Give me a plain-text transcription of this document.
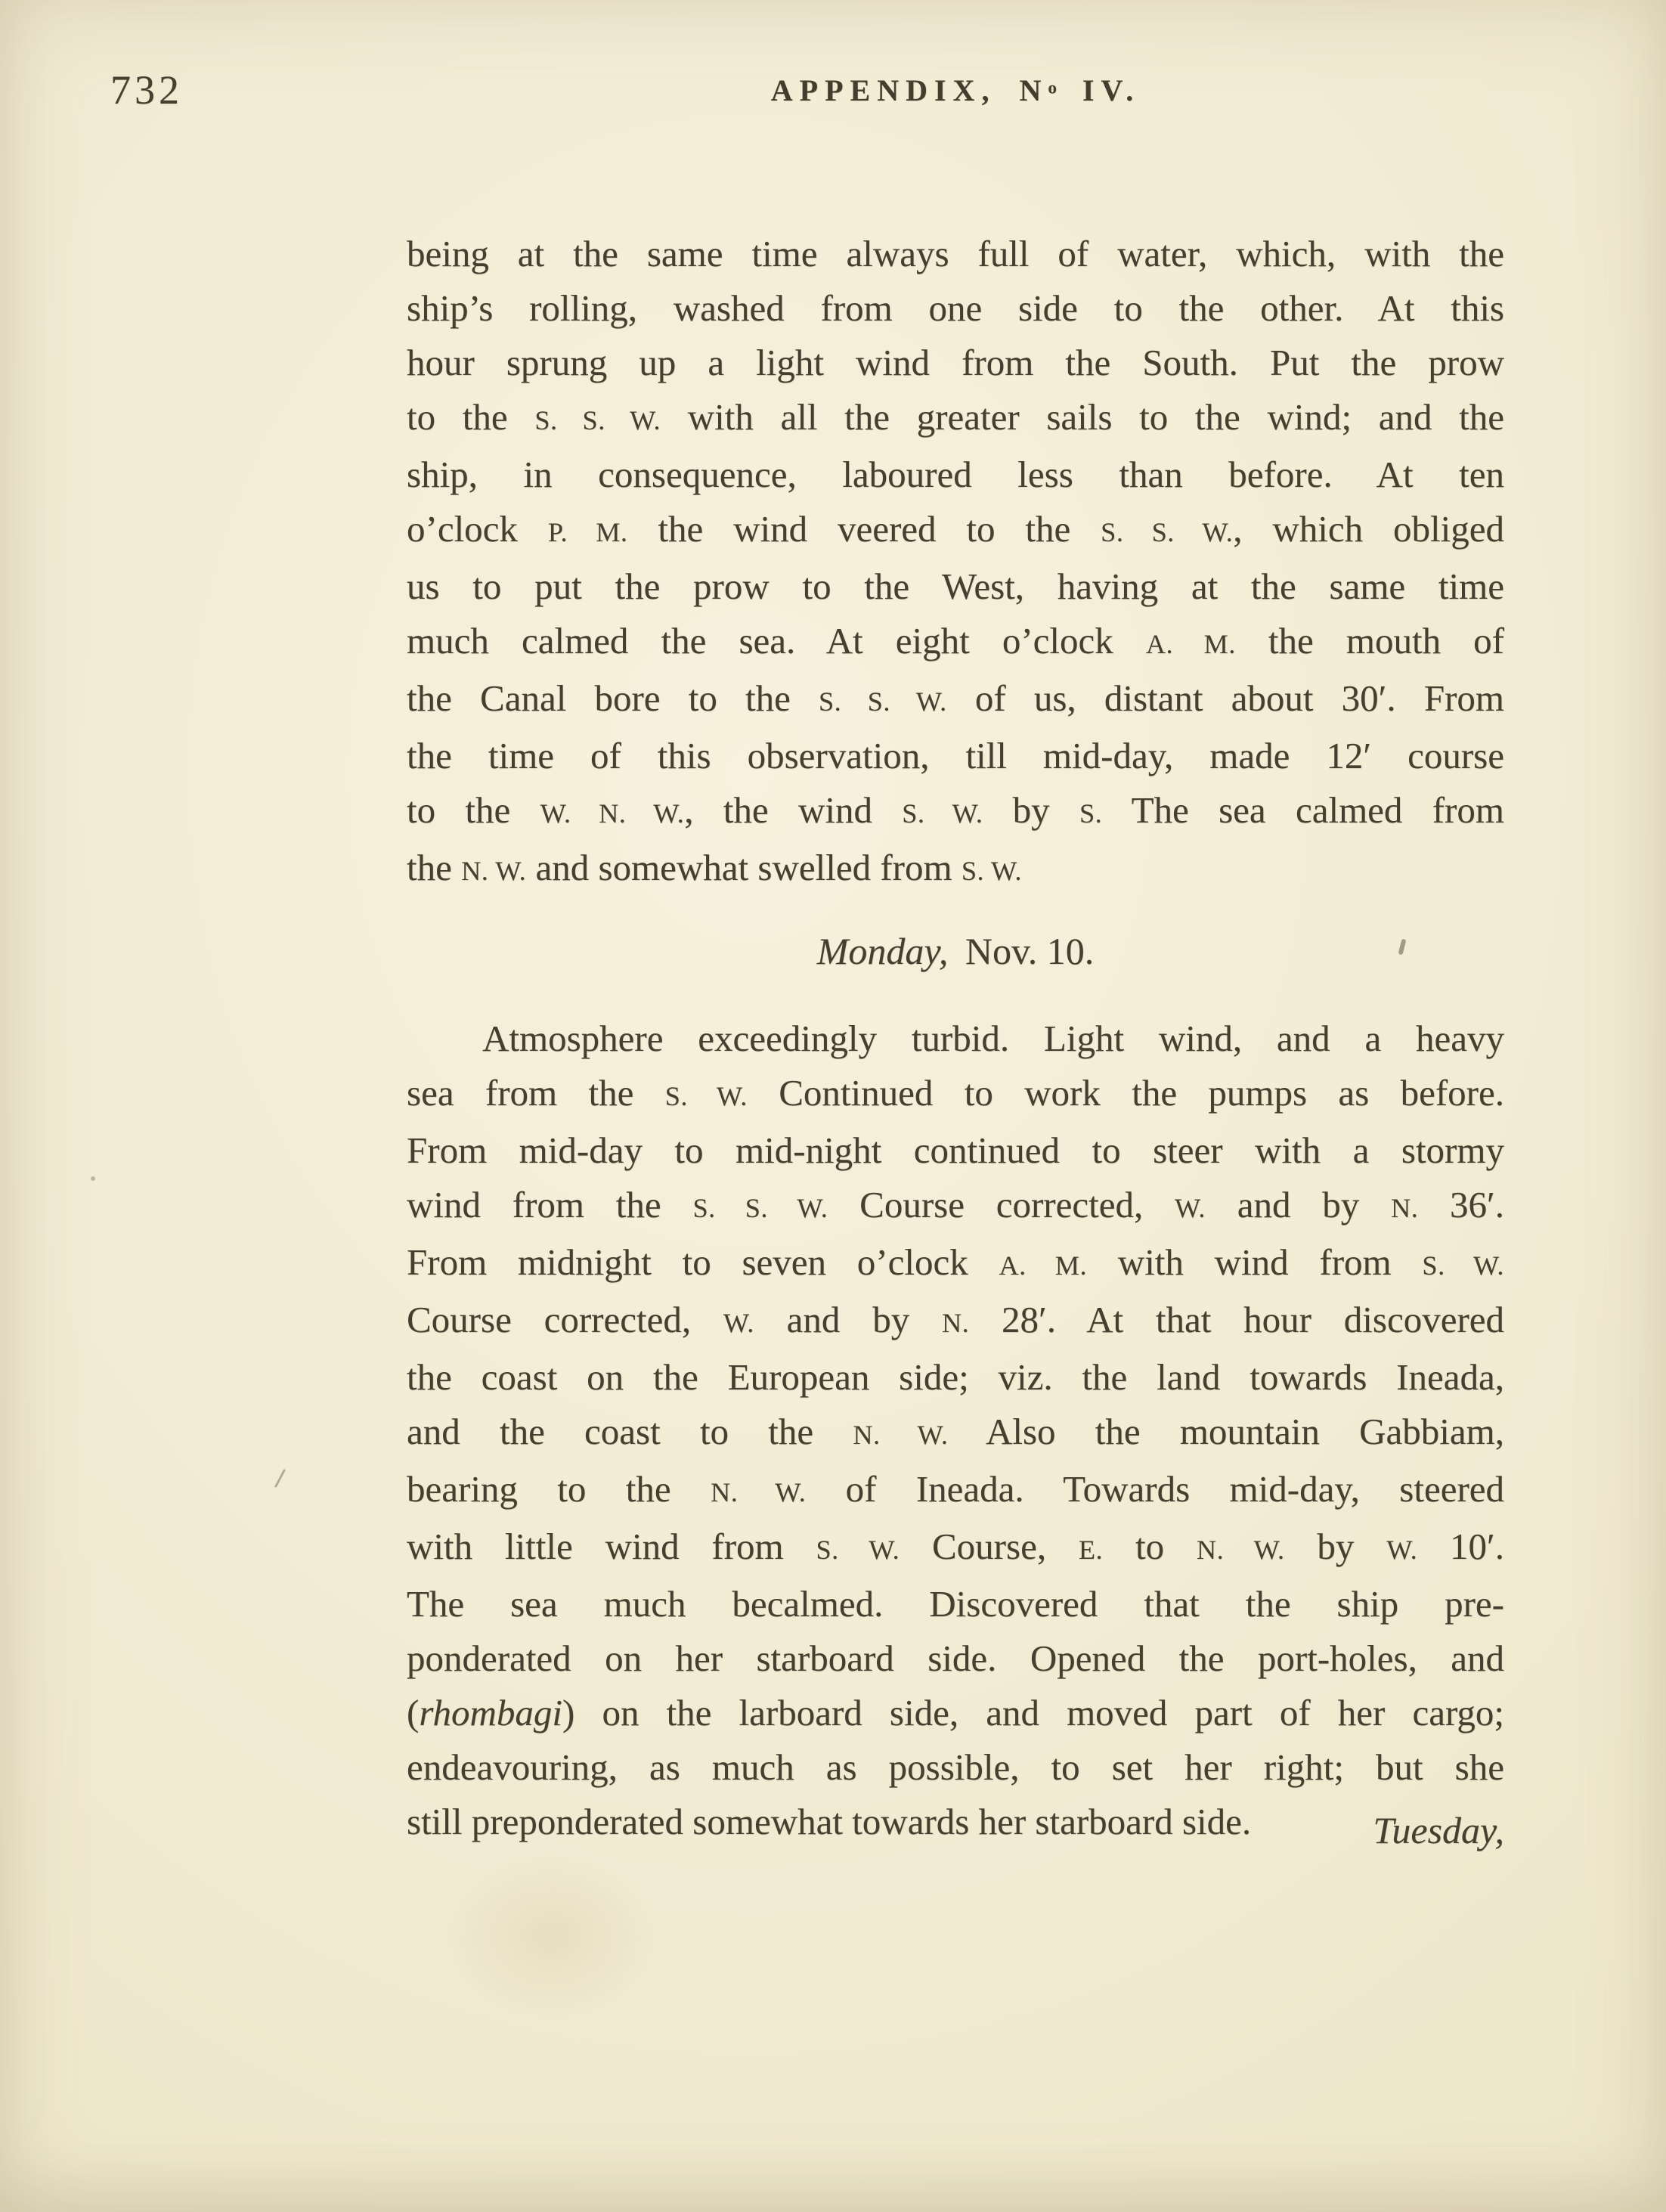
732	APPENDIX, $N^o$ IV.
being at the same time always full of water, which, with the
ship’s rolling, washed from one side to the other. At this
hour sprung up a light wind from the South. Put the prow
to the S. S. W. with all the greater sails to the wind; and the
ship, in consequence, laboured less than before. At ten
o’clock P. M. the wind veered to the S. S. W., which obliged
us to put the prow to the West, having at the same time
much calmed the sea. At eight o’clock A. M. the mouth of
the Canal bore to the S. S. W. of us, distant about 30′. From
the time of this observation, till mid-day, made 12′ course
to the W. N. W., the wind S. W. by S. The sea calmed from
the N. W. and somewhat swelled from S. W.
Monday, Nov. 10.
Atmosphere exceedingly turbid. Light wind, and a heavy
sea from the S. W. Continued to work the pumps as before.
From mid-day to mid-night continued to steer with a stormy
wind from the S. S. W. Course corrected, W. and by N. 36′.
From midnight to seven o’clock A. M. with wind from S. W.
Course corrected, W. and by N. 28′. At that hour discovered
the coast on the European side; viz. the land towards Ineada,
and the coast to the N. W. Also the mountain Gabbiam,
bearing to the N. W. of Ineada. Towards mid-day, steered
with little wind from S. W. Course, E. to N. W. by W. 10′.
The sea much becalmed. Discovered that the ship pre-
ponderated on her starboard side. Opened the port-holes, and
(rhombagi) on the larboard side, and moved part of her cargo;
endeavouring, as much as possible, to set her right; but she
still preponderated somewhat towards her starboard side.	Tuesday,
